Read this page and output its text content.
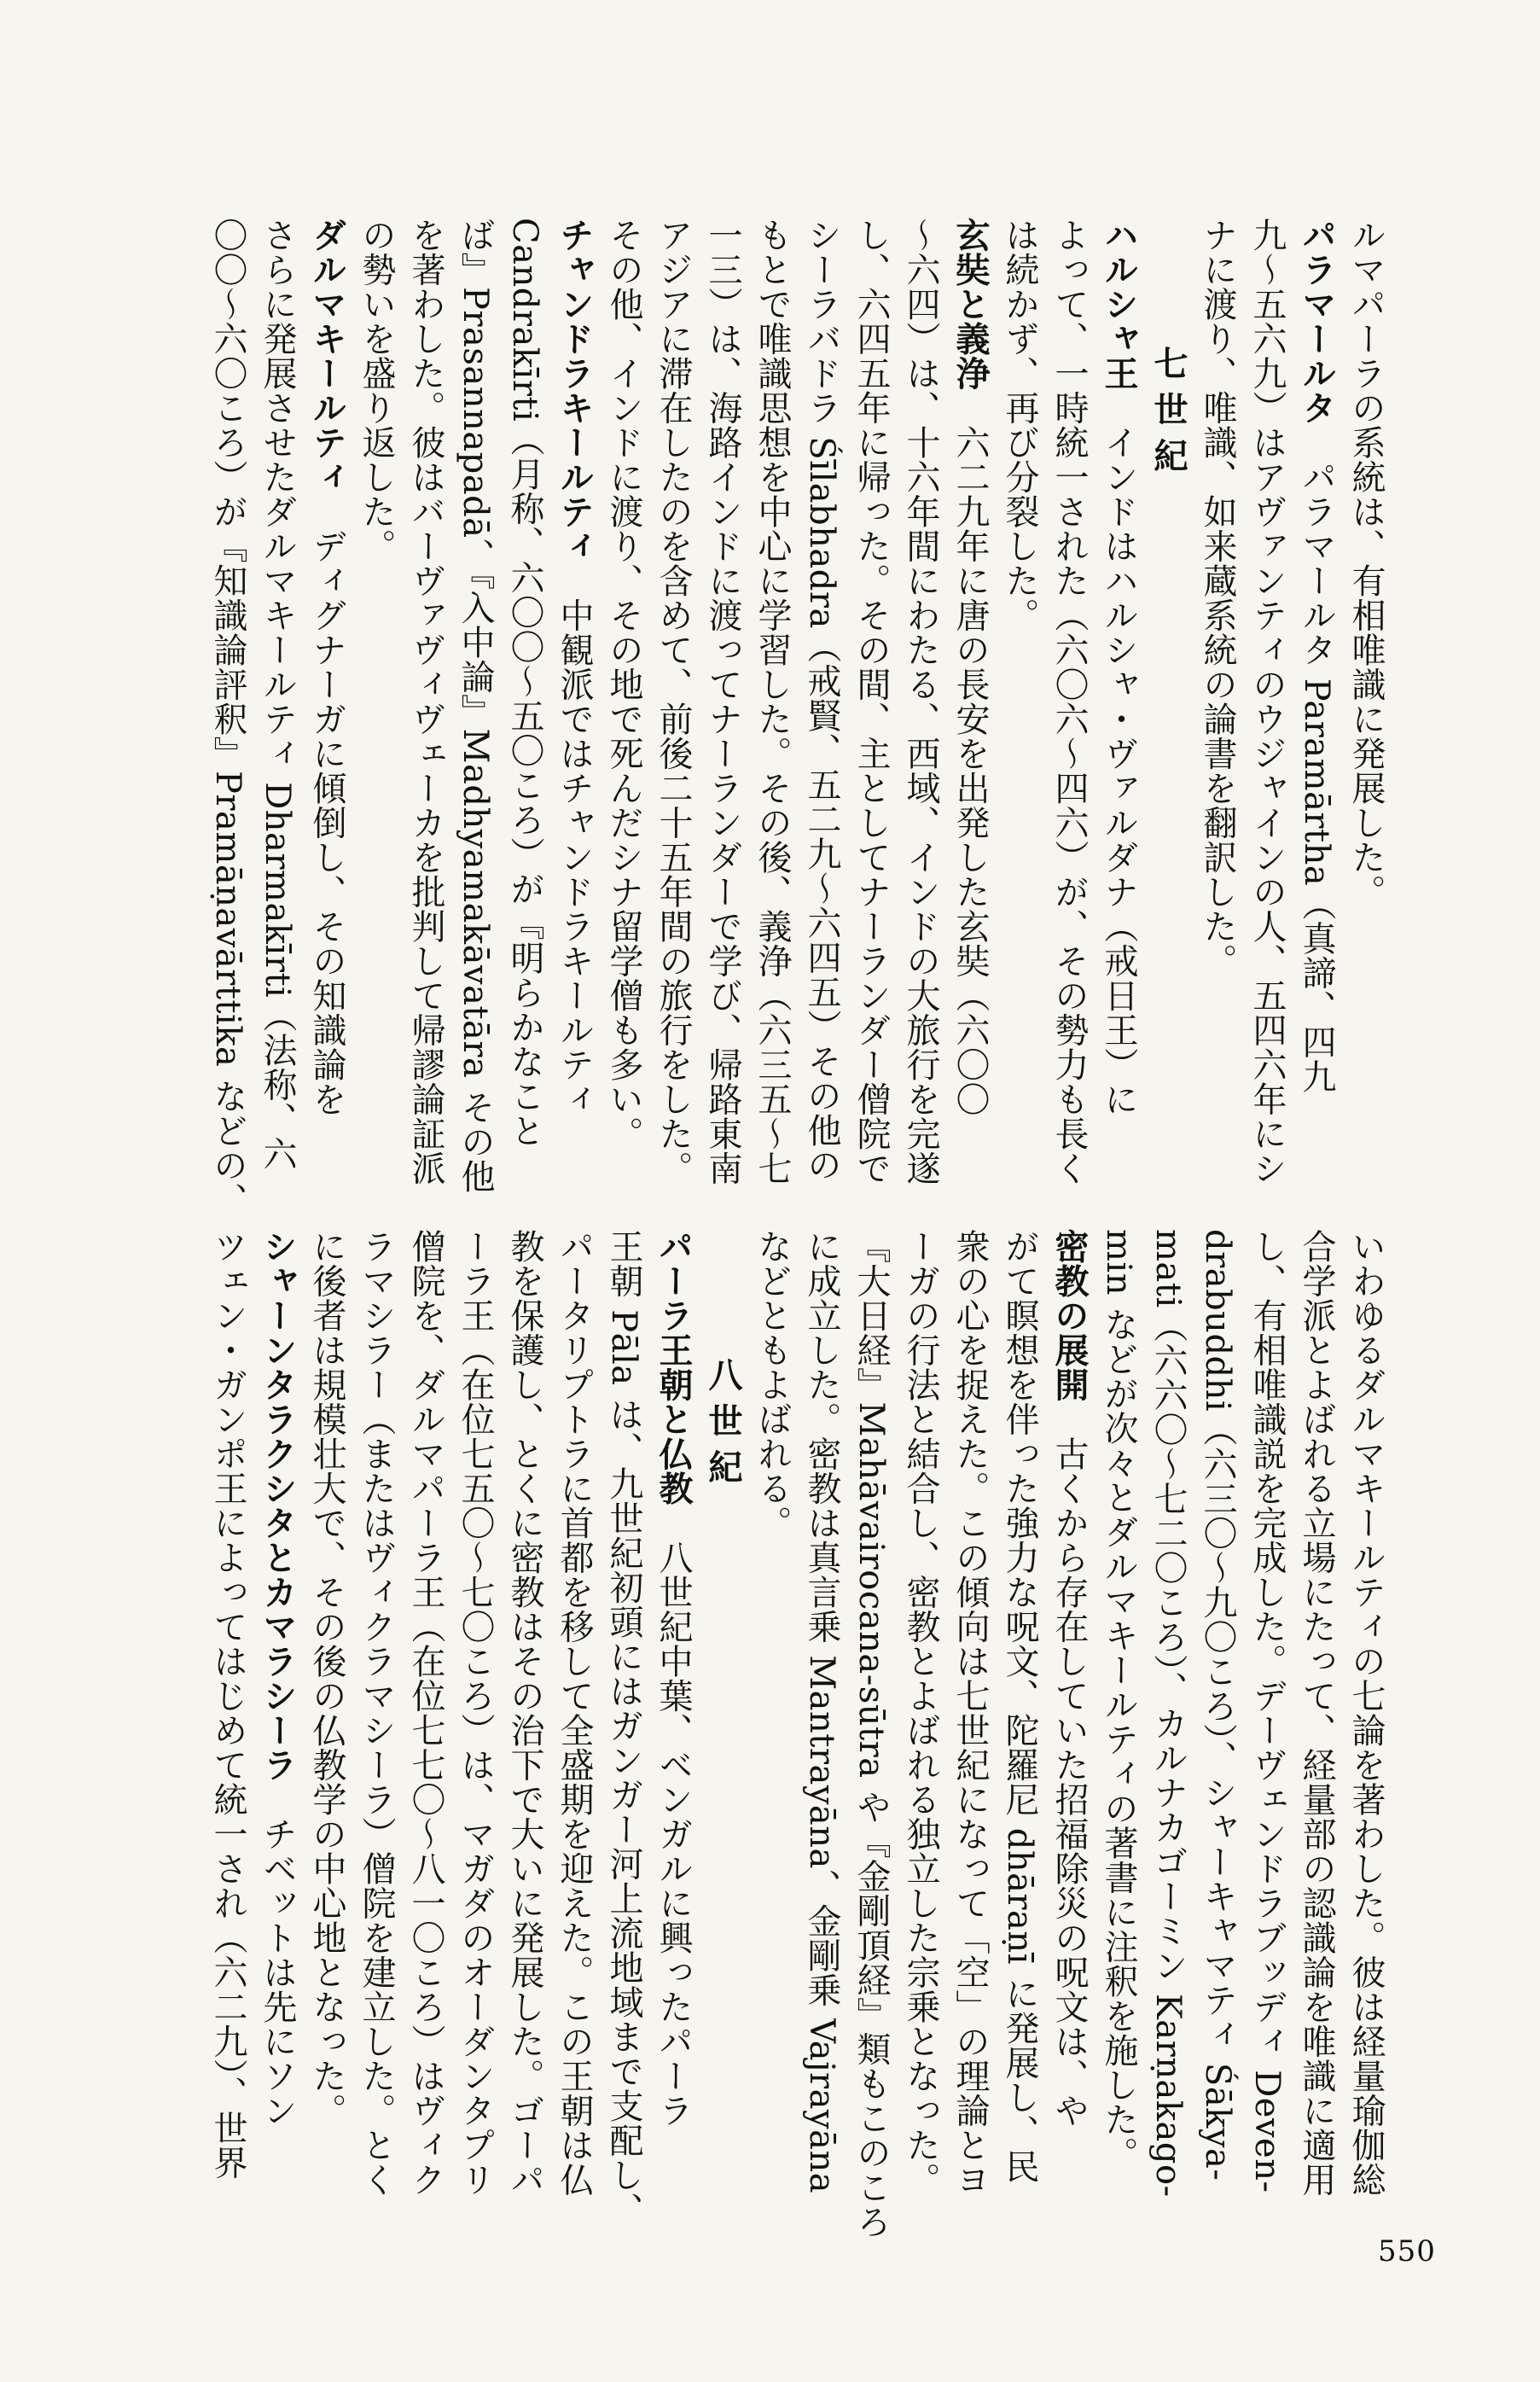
ルマパーラの系統は、有相唯識に発展した。
パラマールタ　パラマールタ Paramārtha（真諦、四九
九〜五六九）はアヴァンティのウジャインの人、五四六年にシ
ナに渡り、唯識、如来蔵系統の論書を翻訳した。
七世紀
ハルシャ王　インドはハルシャ・ヴァルダナ（戒日王）に
よって、一時統一された（六〇六〜四六）が、その勢力も長く
は続かず、再び分裂した。
玄奘と義浄　六二九年に唐の長安を出発した玄奘（六〇〇
〜六四）は、十六年間にわたる、西域、インドの大旅行を完遂
し、六四五年に帰った。その間、主としてナーランダー僧院で
シーラバドラ Śīlabhadra（戒賢、五二九〜六四五）その他の
もとで唯識思想を中心に学習した。その後、義浄（六三五〜七
一三）は、海路インドに渡ってナーランダーで学び、帰路東南
アジアに滞在したのを含めて、前後二十五年間の旅行をした。
その他、インドに渡り、その地で死んだシナ留学僧も多い。
チャンドラキールティ　中観派ではチャンドラキールティ
Candrakīrti（月称、六〇〇〜五〇ころ）が『明らかなこと
ば』Prasannapadā、『入中論』Madhyamakāvatāra その他
を著わした。彼はバーヴァヴィヴェーカを批判して帰謬論証派
の勢いを盛り返した。
ダルマキールティ　ディグナーガに傾倒し、その知識論を
さらに発展させたダルマキールティ Dharmakīrti（法称、六
〇〇〜六〇ころ）が『知識論評釈』Pramāṇavārttika などの、
いわゆるダルマキールティの七論を著わした。彼は経量瑜伽総
合学派とよばれる立場にたって、経量部の認識論を唯識に適用
し、有相唯識説を完成した。デーヴェンドラブッディ Deven-
drabuddhi（六三〇〜九〇ころ）、シャーキャマティ Śākya-
mati（六六〇〜七二〇ころ）、カルナカゴーミン Karṇakago-
min などが次々とダルマキールティの著書に注釈を施した。
密教の展開　古くから存在していた招福除災の呪文は、や
がて瞑想を伴った強力な呪文、陀羅尼 dhāraṇī に発展し、民
衆の心を捉えた。この傾向は七世紀になって「空」の理論とヨ
ーガの行法と結合し、密教とよばれる独立した宗乗となった。
『大日経』Mahāvairocana-sūtra や『金剛頂経』類もこのころ
に成立した。密教は真言乗 Mantrayāna、金剛乗 Vajrayāna
などともよばれる。
八世紀
パーラ王朝と仏教　八世紀中葉、ベンガルに興ったパーラ
王朝 Pāla は、九世紀初頭にはガンガー河上流地域まで支配し、
パータリプトラに首都を移して全盛期を迎えた。この王朝は仏
教を保護し、とくに密教はその治下で大いに発展した。ゴーパ
ーラ王（在位七五〇〜七〇ころ）は、マガダのオーダンタプリ
僧院を、ダルマパーラ王（在位七七〇〜八一〇ころ）はヴィク
ラマシラー（またはヴィクラマシーラ）僧院を建立した。とく
に後者は規模壮大で、その後の仏教学の中心地となった。
シャーンタラクシタとカマラシーラ　チベットは先にソン
ツェン・ガンポ王によってはじめて統一され（六二九）、世界
550
